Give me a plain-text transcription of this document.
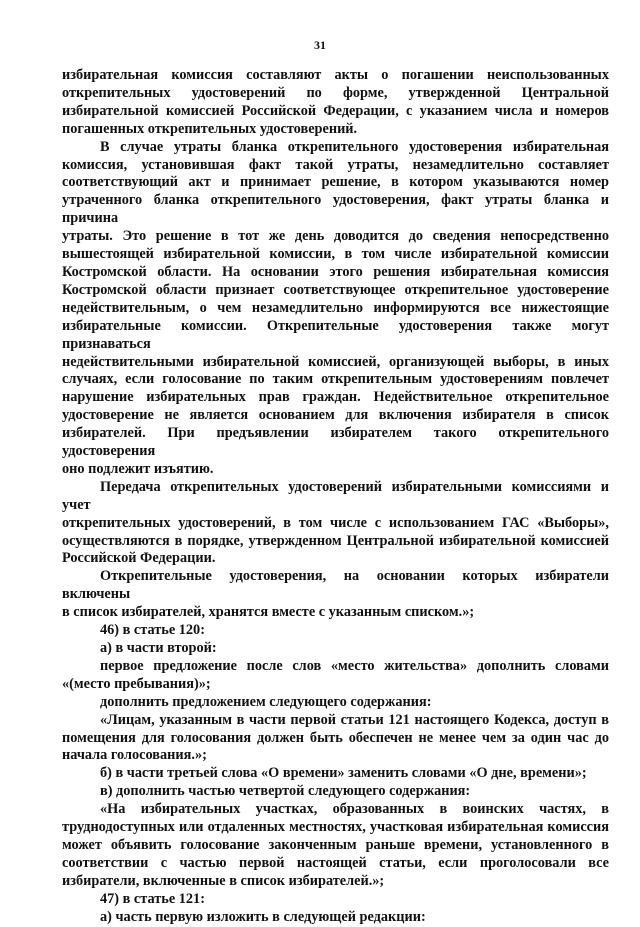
31

избирательная комиссия составляют акты о погашении неиспользованных
открепительных удостоверений по форме, утвержденной Центральной
избирательной комиссией Российской Федерации, с указанием числа и номеров
погашенных открепительных удостоверений.

В случае утраты бланка открепительного удостоверения избирательная
комиссия, установившая факт такой утраты, незамедлительно составляет
соответствующий акт и принимает решение, в котором указываются номер
утраченного бланка открепительного удостоверения, факт утраты бланка и причина
утраты. Это решение в тот же день доводится до сведения непосредственно
вышестоящей избирательной комиссии, в том числе избирательной комиссии
Костромской области. На основании этого решения избирательная комиссия
Костромской области признает соответствующее открепительное удостоверение
недействительным, о чем незамедлительно информируются все нижестоящие
избирательные комиссии. Открепительные удостоверения также могут признаваться
недействительными избирательной комиссией, организующей выборы, в иных
случаях, если голосование по таким открепительным удостоверениям повлечет
нарушение избирательных прав граждан. Недействительное открепительное
удостоверение не является основанием для включения избирателя в список
избирателей. При предъявлении избирателем такого открепительного удостоверения
оно подлежит изъятию.

Передача открепительных удостоверений избирательными комиссиями и учет
открепительных удостоверений, в том числе с использованием ГАС «Выборы»,
осуществляются в порядке, утвержденном Центральной избирательной комиссией
Российской Федерации.

Открепительные удостоверения, на основании которых избиратели включены
в список избирателей, хранятся вместе с указанным списком.»;

46) в статье 120:

а) в части второй:

первое предложение после слов «место жительства» дополнить словами
«(место пребывания)»;

дополнить предложением следующего содержания:

«Лицам, указанным в части первой статьи 121 настоящего Кодекса, доступ в
помещения для голосования должен быть обеспечен не менее чем за один час до
начала голосования.»;

б) в части третьей слова «О времени» заменить словами «О дне, времени»;

в) дополнить частью четвертой следующего содержания:

«На избирательных участках, образованных в воинских частях, в
труднодоступных или отдаленных местностях, участковая избирательная комиссия
может объявить голосование законченным раньше времени, установленного в
соответствии с частью первой настоящей статьи, если проголосовали все
избиратели, включенные в список избирателей.»;

47) в статье 121:

а) часть первую изложить в следующей редакции:
